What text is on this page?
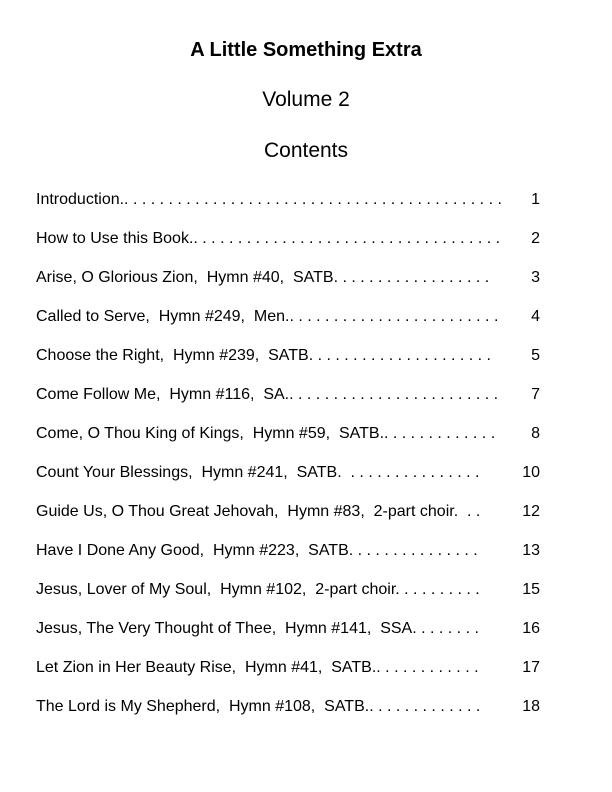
A Little Something Extra
Volume 2
Contents

Introduction.. . . . . . . . . . . . . . . . . . . . . . . . . . . . . . . . . . . . . . . . . . .

1

How to Use this Book.. . . . . . . . . . . . . . . . . . . . . . . . . . . . . . . . . . .

2

Arise, O Glorious Zion,  Hymn #40,  SATB. . . . . . . . . . . . . . . . . .

	3

Called to Serve,  Hymn #249,  Men.. . . . . . . . . . . . . . . . . . . . . . . .

4

Choose the Right,  Hymn #239,  SATB. . . . . . . . . . . . . . . . . . . . .

	5

Come Follow Me,  Hymn #116,  SA.. . . . . . . . . . . . . . . . . . . . . . . .

7

Come, O Thou King of Kings,  Hymn #59,  SATB.. . . . . . . . . . . . .

8

Count Your Blessings,  Hymn #241,  SATB.  . . . . . . . . . . . . . . .

	10

Guide Us, O Thou Great Jehovah,  Hymn #83,  2-part choir.  . .

	12

Have I Done Any Good,  Hymn #223,  SATB. . . . . . . . . . . . . . .

	13

Jesus, Lover of My Soul,  Hymn #102,  2-part choir. . . . . . . . . .

	15

Jesus, The Very Thought of Thee,  Hymn #141,  SSA. . . . . . . .

	16

Let Zion in Her Beauty Rise,  Hymn #41,  SATB.. . . . . . . . . . . .

	17

The Lord is My Shepherd,  Hymn #108,  SATB.. . . . . . . . . . . . .

	18
